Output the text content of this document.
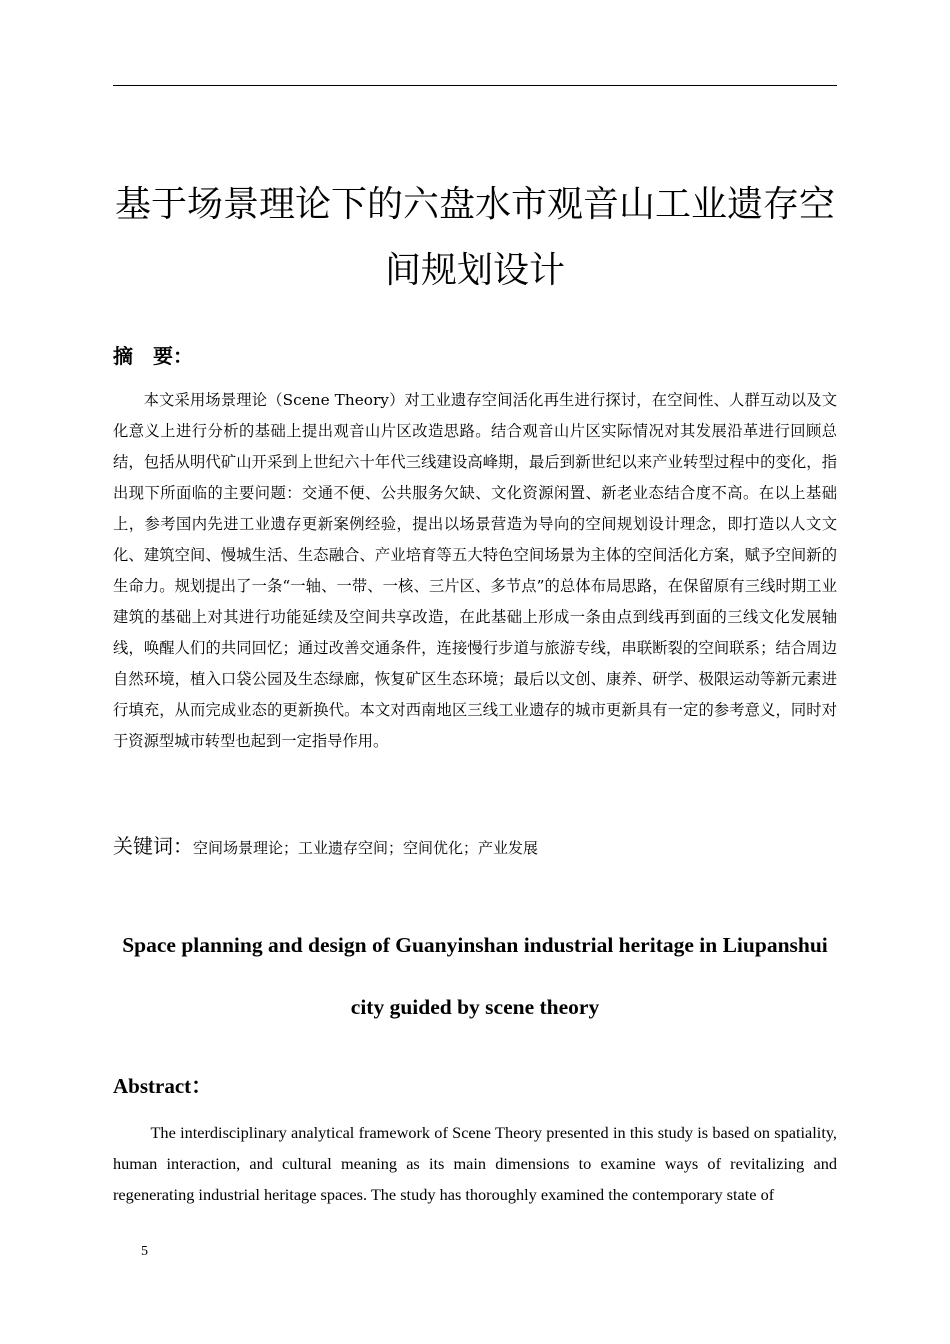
基于场景理论下的六盘水市观音山工业遗存空间规划设计
摘　要：

本文采用场景理论（Scene Theory）对工业遗存空间活化再生进行探讨，在空间性、人群互动以及文化意义上进行分析的基础上提出观音山片区改造思路。结合观音山片区实际情况对其发展沿革进行回顾总结，包括从明代矿山开采到上世纪六十年代三线建设高峰期，最后到新世纪以来产业转型过程中的变化，指出现下所面临的主要问题：交通不便、公共服务欠缺、文化资源闲置、新老业态结合度不高。在以上基础上，参考国内先进工业遗存更新案例经验，提出以场景营造为导向的空间规划设计理念，即打造以人文文化、建筑空间、慢城生活、生态融合、产业培育等五大特色空间场景为主体的空间活化方案，赋予空间新的生命力。规划提出了一条“一轴、一带、一核、三片区、多节点”的总体布局思路，在保留原有三线时期工业建筑的基础上对其进行功能延续及空间共享改造，在此基础上形成一条由点到线再到面的三线文化发展轴线，唤醒人们的共同回忆；通过改善交通条件，连接慢行步道与旅游专线，串联断裂的空间联系；结合周边自然环境，植入口袋公园及生态绿廊，恢复矿区生态环境；最后以文创、康养、研学、极限运动等新元素进行填充，从而完成业态的更新换代。本文对西南地区三线工业遗存的城市更新具有一定的参考意义，同时对于资源型城市转型也起到一定指导作用。

关键词：空间场景理论；工业遗存空间；空间优化；产业发展
Space planning and design of Guanyinshan industrial heritage in Liupanshui city guided by scene theory
Abstract：

The interdisciplinary analytical framework of Scene Theory presented in this study is based on spatiality, human interaction, and cultural meaning as its main dimensions to examine ways of revitalizing and regenerating industrial heritage spaces. The study has thoroughly examined the contemporary state of

5
